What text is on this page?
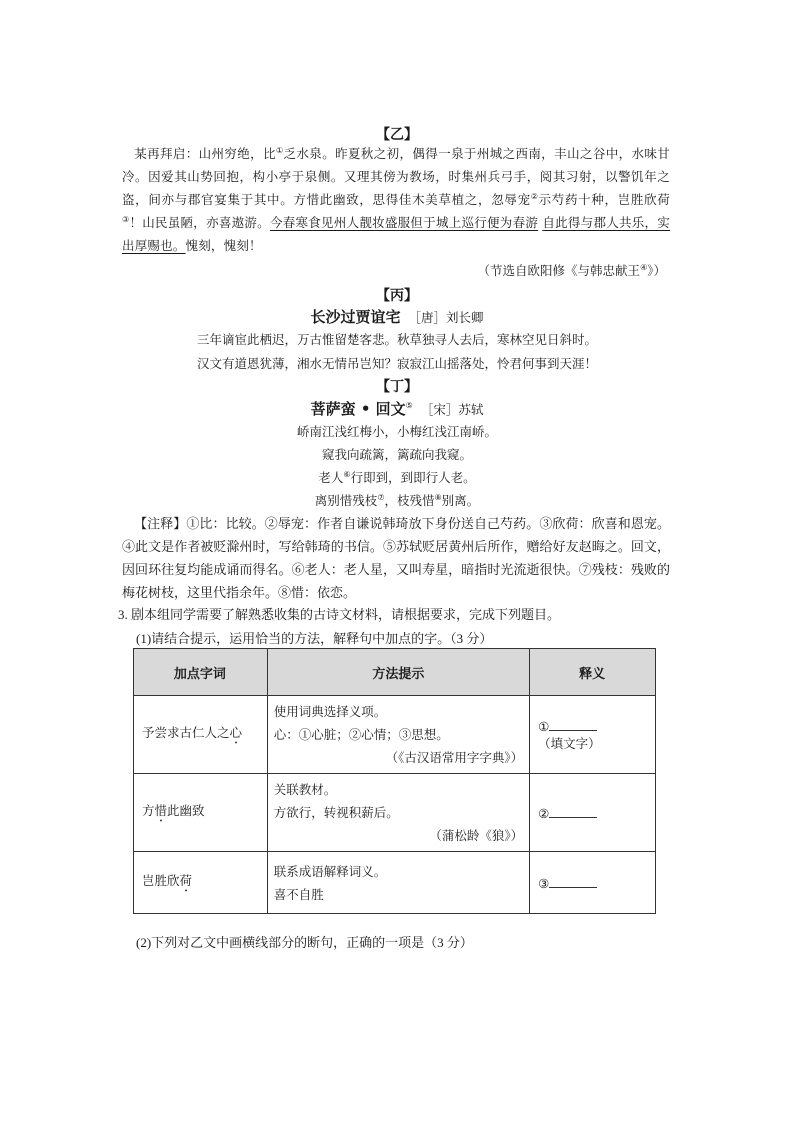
【乙】
某再拜启：山州穷绝，比①乏水泉。昨夏秋之初，偶得一泉于州城之西南，丰山之谷中，水味甘冷。因爱其山势回抱，构小亭于泉侧。又理其傍为教场，时集州兵弓手，阅其习射，以警饥年之盗，间亦与郡官宴集于其中。方惜此幽致，思得佳木美草植之，忽辱宠②示芍药十种，岂胜欣荷③！山民虽陋，亦喜遨游。今春寒食见州人靓妆盛服但于城上巡行便为春游 自此得与郡人共乐，实出厚赐也。愧刻，愧刻！
（节选自欧阳修《与韩忠献王④》）
【丙】
长沙过贾谊宅 ［唐］刘长卿
三年谪宦此栖迟，万古惟留楚客悲。秋草独寻人去后，寒林空见日斜时。
汉文有道恩犹薄，湘水无情吊岂知？寂寂江山摇落处，怜君何事到天涯！
【丁】
菩萨蛮 • 回文⑤ ［宋］苏轼
峤南江浅红梅小，小梅红浅江南峤。
窥我向疏篱，篱疏向我窥。
老人⑥行即到，到即行人老。
离别惜残枝⑦，枝残惜⑧别离。
【注释】①比：比较。②辱宠：作者自谦说韩琦放下身份送自己芍药。③欣荷：欣喜和恩宠。④此文是作者被贬滁州时，写给韩琦的书信。⑤苏轼贬居黄州后所作，赠给好友赵晦之。回文，因回环往复均能成诵而得名。⑥老人：老人星，又叫寿星，暗指时光流逝很快。⑦残枝：残败的梅花树枝，这里代指余年。⑧惜：依恋。
3. 剧本组同学需要了解熟悉收集的古诗文材料，请根据要求，完成下列题目。
(1)请结合提示，运用恰当的方法，解释句中加点的字。（3 分）
加点字词	方法提示	释义
予尝求古仁人之心	使用词典选择义项。
心：①心脏；②心情；③思想。
（《古汉语常用字字典》）	①（填文字）
方惜此幽致	关联教材。
方欲行，转视积薪后。
（蒲松龄《狼》）	②
岂胜欣荷	联系成语解释词义。
喜不自胜	③
(2)下列对乙文中画横线部分的断句，正确的一项是（3 分）
